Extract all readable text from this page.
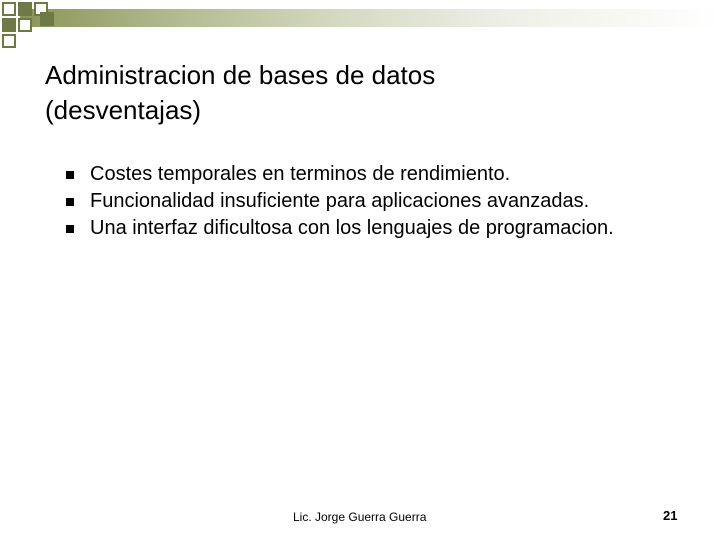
Administracion de bases de datos
(desventajas)
Costes temporales en terminos de rendimiento.
Funcionalidad insuficiente para aplicaciones avanzadas.
Una interfaz dificultosa con los lenguajes de programacion.
Lic. Jorge Guerra Guerra	21
